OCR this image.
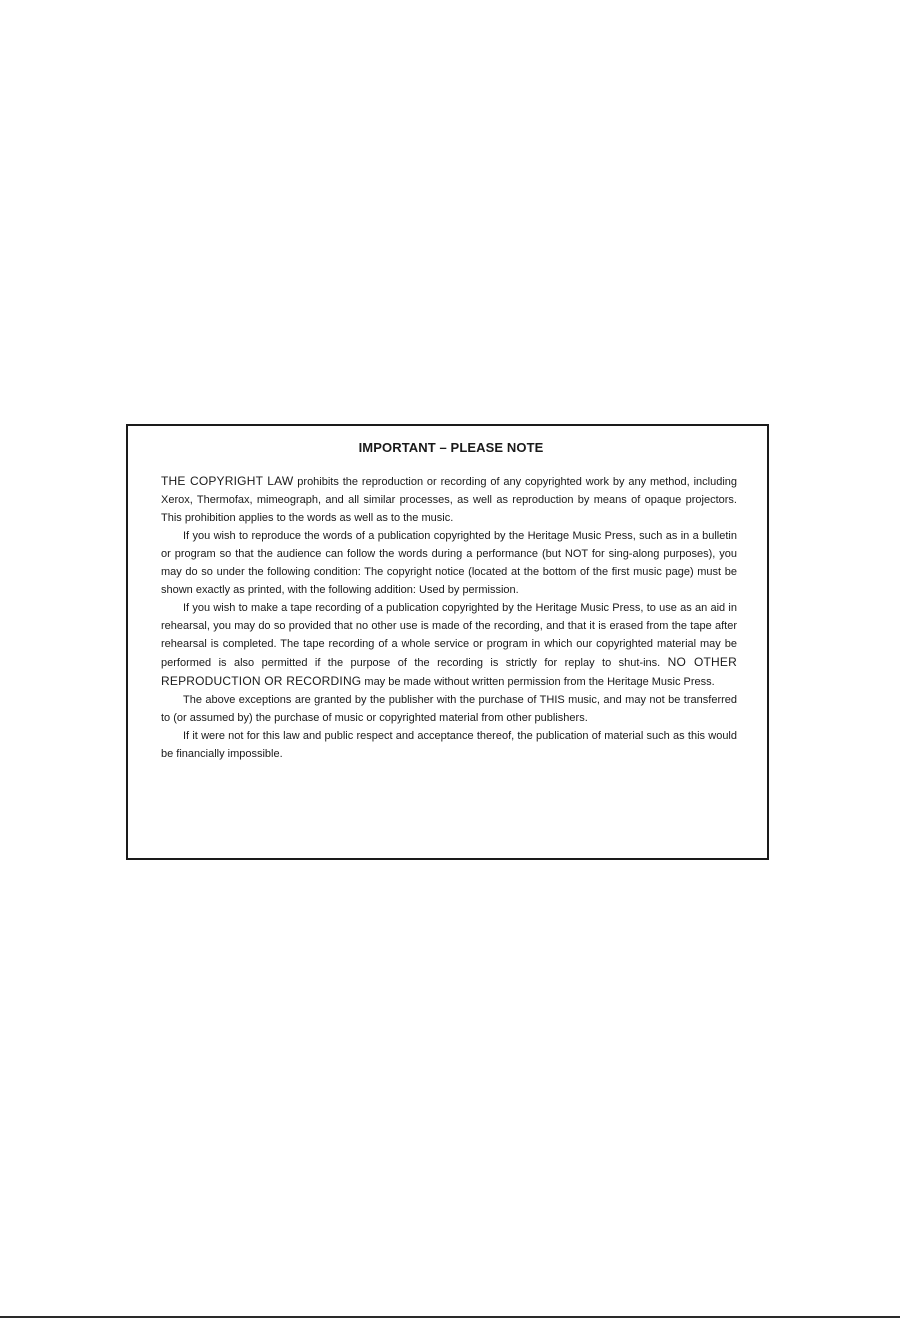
IMPORTANT – PLEASE NOTE

THE COPYRIGHT LAW prohibits the reproduction or recording of any copyrighted work by any method, including Xerox, Thermofax, mimeograph, and all similar processes, as well as reproduction by means of opaque projectors. This prohibition applies to the words as well as to the music.

If you wish to reproduce the words of a publication copyrighted by the Heritage Music Press, such as in a bulletin or program so that the audience can follow the words during a performance (but NOT for sing-along purposes), you may do so under the following condition: The copyright notice (located at the bottom of the first music page) must be shown exactly as printed, with the following addition: Used by permission.

If you wish to make a tape recording of a publication copyrighted by the Heritage Music Press, to use as an aid in rehearsal, you may do so provided that no other use is made of the recording, and that it is erased from the tape after rehearsal is completed. The tape recording of a whole service or program in which our copyrighted material may be performed is also permitted if the purpose of the recording is strictly for replay to shut-ins. NO OTHER REPRODUCTION OR RECORDING may be made without written permission from the Heritage Music Press.

The above exceptions are granted by the publisher with the purchase of THIS music, and may not be transferred to (or assumed by) the purchase of music or copyrighted material from other publishers.

If it were not for this law and public respect and acceptance thereof, the publication of material such as this would be financially impossible.
